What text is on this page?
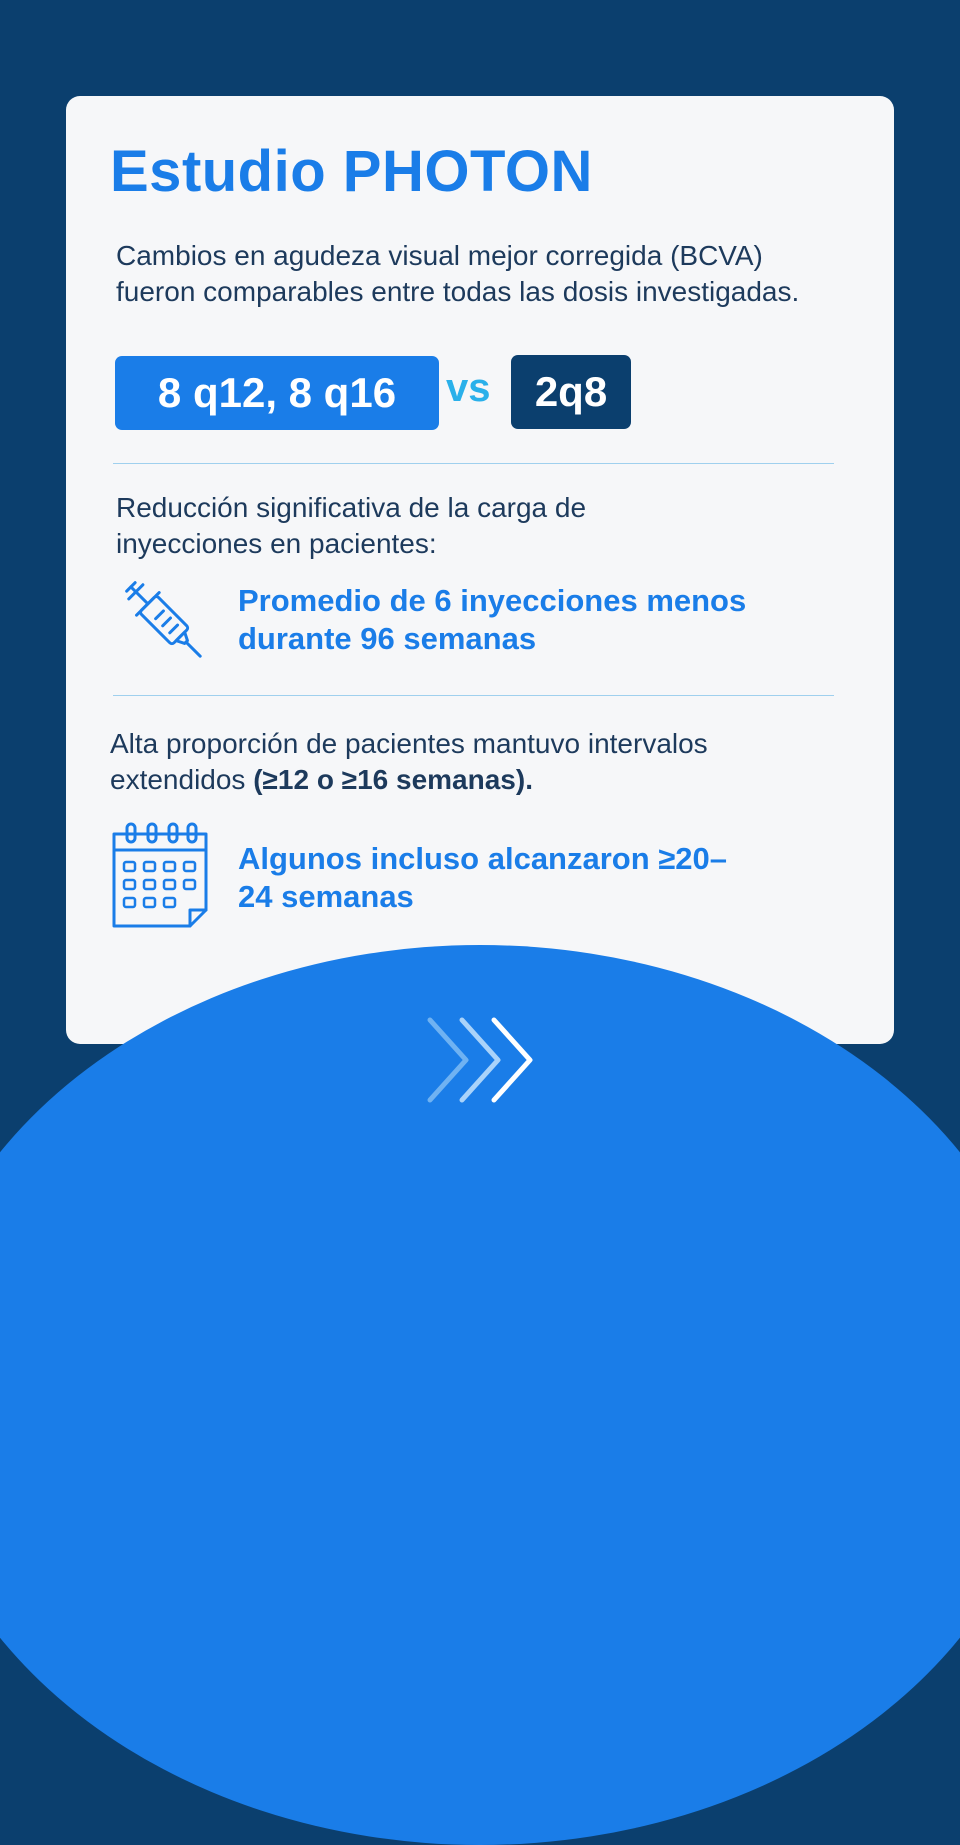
Estudio PHOTON

Cambios en agudeza visual mejor corregida (BCVA) fueron comparables entre todas las dosis investigadas.

8 q12, 8 q16	vs	2q8

Reducción significativa de la carga de inyecciones en pacientes:

Promedio de 6 inyecciones menos durante 96 semanas

Alta proporción de pacientes mantuvo intervalos extendidos (≥12 o ≥16 semanas).

Algunos incluso alcanzaron ≥20–24 semanas
